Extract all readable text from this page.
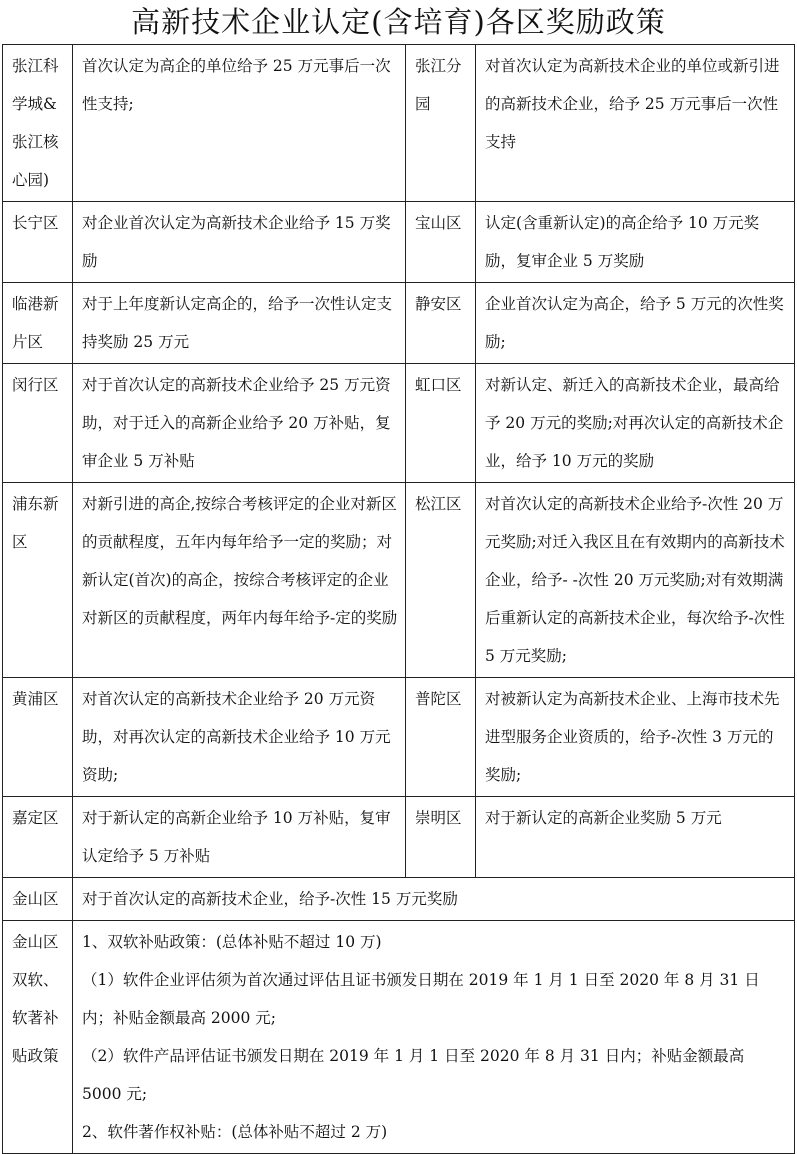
高新技术企业认定(含培育)各区奖励政策
张江科学城&张江核心园)	首次认定为高企的单位给予 25 万元事后一次性支持;	张江分园	对首次认定为高新技术企业的单位或新引进的高新技术企业，给予 25 万元事后一次性支持
长宁区	对企业首次认定为高新技术企业给予 15 万奖励	宝山区	认定(含重新认定)的高企给予 10 万元奖励，复审企业 5 万奖励
临港新片区	对于上年度新认定高企的，给予一次性认定支持奖励 25 万元	静安区	企业首次认定为高企，给予 5 万元的次性奖励;
闵行区	对于首次认定的高新技术企业给予 25 万元资助，对于迁入的高新企业给予 20 万补贴，复审企业 5 万补贴	虹口区	对新认定、新迁入的高新技术企业，最高给予 20 万元的奖励;对再次认定的高新技术企业，给予 10 万元的奖励
浦东新区	对新引进的高企,按综合考核评定的企业对新区的贡献程度，五年内每年给予一定的奖励；对新认定(首次)的高企，按综合考核评定的企业对新区的贡献程度，两年内每年给予-定的奖励	松江区	对首次认定的高新技术企业给予-次性 20 万元奖励;对迁入我区且在有效期内的高新技术企业，给予- -次性 20 万元奖励;对有效期满后重新认定的高新技术企业，每次给予-次性 5 万元奖励;
黄浦区	对首次认定的高新技术企业给予 20 万元资助，对再次认定的高新技术企业给予 10 万元资助;	普陀区	对被新认定为高新技术企业、上海市技术先进型服务企业资质的，给予-次性 3 万元的奖励;
嘉定区	对于新认定的高新企业给予 10 万补贴，复审认定给予 5 万补贴	崇明区	对于新认定的高新企业奖励 5 万元
金山区	对于首次认定的高新技术企业，给予-次性 15 万元奖励		
金山区双软、软著补贴政策	1、双软补贴政策：(总体补贴不超过 10 万)
（1）软件企业评估须为首次通过评估且证书颁发日期在 2019 年 1 月 1 日至 2020 年 8 月 31 日内；补贴金额最高 2000 元;
（2）软件产品评估证书颁发日期在 2019 年 1 月 1 日至 2020 年 8 月 31 日内；补贴金额最高 5000 元;
2、软件著作权补贴：(总体补贴不超过 2 万)		
